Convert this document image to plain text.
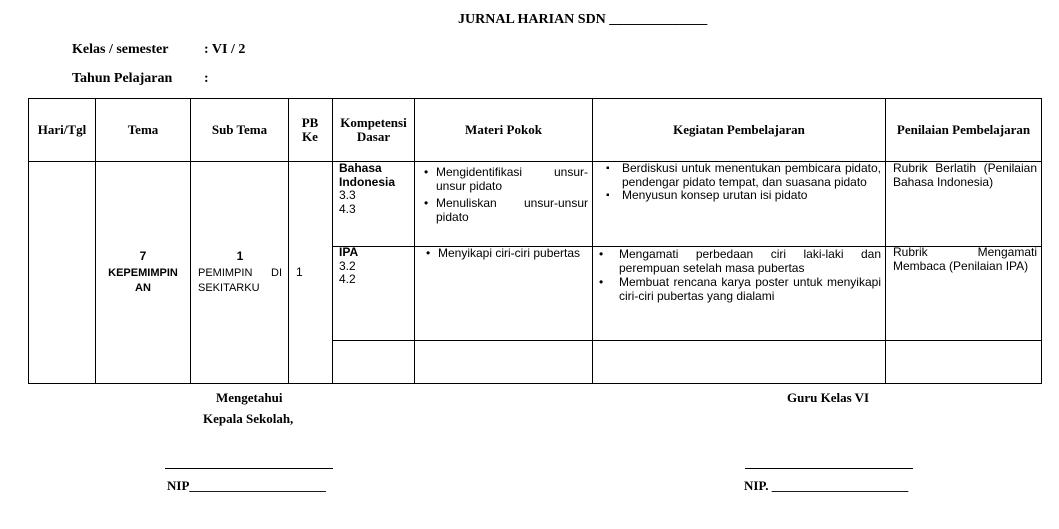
JURNAL HARIAN SDN ______________
Kelas / semester	: VI / 2
Tahun Pelajaran :
Hari/Tgl	Tema	Sub Tema	PB Ke
Kompetensi Dasar	Materi Pokok	Kegiatan Pembelajaran	Penilaian Pembelajaran
7
KEPEMIMPIN AN
1
PEMIMPIN DI SEKITARKU
1
Bahasa Indonesia
3.3
4.3
• Mengidentifikasi unsur-unsur pidato
• Menuliskan unsur-unsur pidato
▪ Berdiskusi untuk menentukan pembicara pidato, pendengar pidato tempat, dan suasana pidato
▪ Menyusun konsep urutan isi pidato
Rubrik Berlatih (Penilaian Bahasa Indonesia)
IPA
3.2
4.2
• Menyikapi ciri-ciri pubertas
•	Mengamati perbedaan ciri laki-laki dan perempuan setelah masa pubertas
• Membuat rencana karya poster untuk menyikapi ciri-ciri pubertas yang dialami
Rubrik Mengamati Membaca (Penilaian IPA)
Mengetahui
Kepala Sekolah,
NIP_____________________
Guru Kelas VI
NIP. _____________________
